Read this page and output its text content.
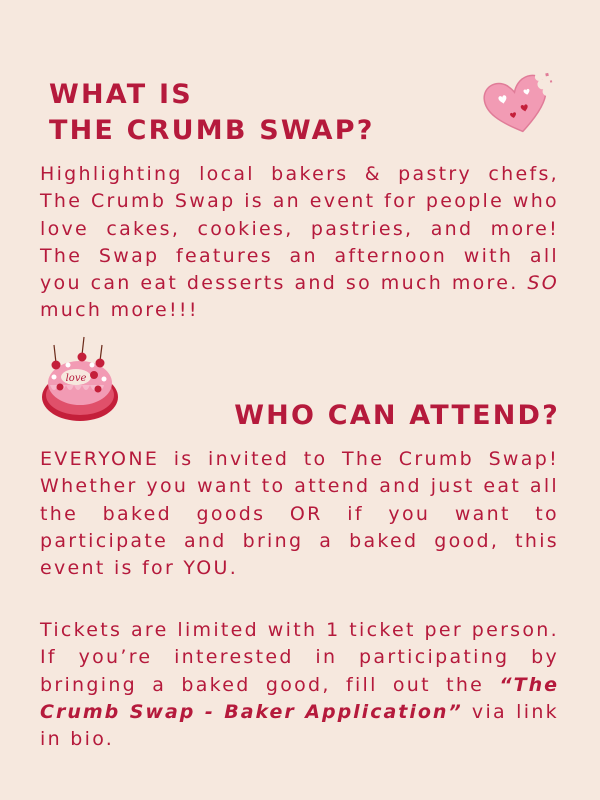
WHAT IS
THE CRUMB SWAP?

Highlighting local bakers & pastry chefs, The Crumb Swap is an event for people who love cakes, cookies, pastries, and more! The Swap features an afternoon with all you can eat desserts and so much more. SO much more!!!

love
WHO CAN ATTEND?

EVERYONE is invited to The Crumb Swap! Whether you want to attend and just eat all the baked goods OR if you want to participate and bring a baked good, this event is for YOU.

Tickets are limited with 1 ticket per person. If you’re interested in participating by bringing a baked good, fill out the “The Crumb Swap - Baker Application” via link in bio.
